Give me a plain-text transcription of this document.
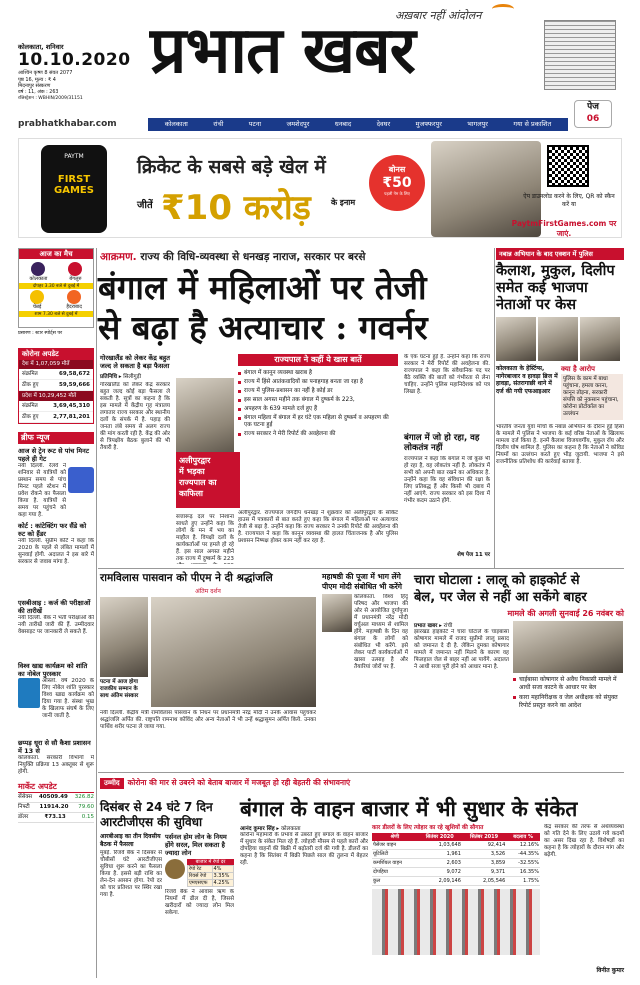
कोलकाता, शनिवार
10.10.2020
आश्विन कृष्ण 8 संवत 2077
पृष्ठ 16, मूल्य : ₹ 4
मिदनापुर संस्करण
वर्ष : 11, अंक : 263
रजिस्ट्रेशन : WBHIN/2009/31151
अख़बार नहीं आंदोलन
प्रभात खबर
पेज
06
prabhatkhabar.com	कोलकाता	रांची	पटना	जमशेदपुर	धनबाद	देवघर	मुजफ्फरपुर	भागलपुर	गया से प्रकाशित
PAYTM
FIRST
GAMES
क्रिकेट के सबसे बड़े खेल में
जीतें ₹10 करोड़	के इनाम
बोनस
₹50
पहली गेम के लिए	ऐप डाउनलोड करने के लिए, QR को स्कैन करें या
PaytmFirstGames.com पर जाएं.
आज का मैच
कोलकाता	बेंगलुरु
दोपहर 3.30 बजे से दुबई में
चेन्नई	हैदराबाद
शाम 7.30 बजे से दुबई में
प्रसारण : स्टार स्पोर्ट्स पर
कोरोना अपडेट
देश में 1,07,059 मौतें
संक्रमित	69,58,672
ठीक हुए	59,59,666
प्रदेश में 10,29,452 मौतें
संक्रमित	3,69,45,310
ठीक हुए	2,77,81,201
ब्रीफ न्यूज
आज से ट्रेन रूट से पांच मिनट पहले ही गेट
नयी दिल्ली. रेलवे ने शनिवार से यात्रियों को प्रस्थान समय से पांच मिनट पहले स्टेशन में प्रवेश रोकने का फैसला किया है. यात्रियों से समय पर पहुंचने को कहा गया है.
कोर्ट : कांटेक्टिंग फर सैंडे को रुट को हैंडर
नयी दिल्ली. सुप्रीम कोर्ट ने कहा कि 2020 के पहले से लंबित मामलों में सुनवाई होगी. अदालत ने इस बारे में सरकार से जवाब मांगा है.
एसबीआइ : कर्ज की परीक्षाओं की तारीखें
नयी दिल्ली. बैंक ने भर्ती परीक्षाओं की नयी तारीखें जारी की हैं. उम्मीदवार वेबसाइट पर जानकारी ले सकते हैं.
विश्व खाद्य कार्यक्रम को शांति का नोबेल पुरस्कार
ओस्लो. वर्ष 2020 के लिए नोबेल शांति पुरस्कार विश्व खाद्य कार्यक्रम को दिया गया है. संस्था भूख के खिलाफ संघर्ष के लिए जानी जाती है.
छप्पड़ धूरा से सौ कैशा प्रशासन में 13 से
कोलकाता. सरकारी विभागों में नियुक्ति प्रक्रिया 13 अक्तूबर से शुरू होगी.
मार्केट अपडेट
सेंसेक्स 40509.49 326.82
निफ्टी 11914.20 79.60
डॉलर	₹73.13	0.15
आक्रमण. राज्य की विधि-व्यवस्था से धनखड़ नाराज, सरकार पर बरसे
बंगाल में महिलाओं पर तेजी
से बढ़ा है अत्याचार : गवर्नर
गोरखालैंड को लेकर केंद्र बहुत जल्द ले सकता है बड़ा फैसला
प्रतिनिधि ▸ सिलीगुड़ी
गोरखालैंड को लेकर केंद्र सरकार बहुत जल्द कोई बड़ा फैसला ले सकती है. सूत्रों का कहना है कि इस मामले में केंद्रीय गृह मंत्रालय लगातार राज्य सरकार और स्थानीय दलों के संपर्क में है. पहाड़ की जनता लंबे समय से अलग राज्य की मांग करती रही है. केंद्र की ओर से त्रिपक्षीय बैठक बुलाने की भी तैयारी है.
अलीपुरद्वार
में भड़का
राज्यपाल का
काफिला
राज्यपाल ने कहीं ये खास बातें
बंगाल में कानून व्यवस्था खराब है
राज्य में हिंसे आतंकवादियों का पनाहगाह बनता जा रहा है
राज्य में पुलिस-प्रशासन का नहीं है कोई डर
इस साल अगस्त महीने तक बंगाल में दुष्कर्म के 223,
अपहरण के 639 मामले दर्ज हुए हैं
बंगाल महिला में बंगाल में हर घंटे एक महिला से दुष्कर्म व अपहरण की एक घटना हुई
राज्य सरकार ने मेरी रिपोर्ट की अवहेलना की
अलीपुरद्वार. राज्यपाल जगदीप धनखड़ ने शुक्रवार को अलीपुरद्वार के सर्किट हाउस में पत्रकारों से बात करते हुए कहा कि बंगाल में महिलाओं पर अत्याचार तेजी से बढ़ा है. उन्होंने कहा कि राज्य सरकार ने उनकी रिपोर्ट की अवहेलना की है. राज्यपाल ने कहा कि कानून व्यवस्था की हालत चिंताजनक है और पुलिस प्रशासन निष्पक्ष होकर काम नहीं कर रहा है.
सत्तारूढ़ दल पर निशाना साधते हुए उन्होंने कहा कि लोगों के मन में भय का माहौल है. विपक्षी दलों के कार्यकर्ताओं पर हमले हो रहे हैं. इस साल अगस्त महीने तक राज्य में दुष्कर्म के 223
के एक घटना हुई है. उन्होंने कहा कि राज्य सरकार ने मेरी रिपोर्ट की अवहेलना की. राज्यपाल ने कहा कि संवैधानिक पद पर बैठे व्यक्ति की बातों को गंभीरता से लेना चाहिए. उन्होंने पुलिस महानिदेशक को पत्र लिखा है.
बंगाल में जो हो रहा, वह लोकतंत्र नहीं
राज्यपाल ने कहा कि बंगाल में जो कुछ भी हो रहा है, वह लोकतंत्र नहीं है. लोकतंत्र में सभी को अपनी बात रखने का अधिकार है. उन्होंने कहा कि वह संविधान की रक्षा के लिए प्रतिबद्ध हैं और किसी भी दबाव में नहीं आएंगे. राज्य सरकार को इस दिशा में गंभीर कदम उठाने होंगे.
शेष पेज 11 पर
नबान्न अभियान के बाद एक्शन में पुलिस
कैलाश, मुकुल, दिलीप समेत कई भाजपा नेताओं पर केस
कोलकाता के हेस्टिंग्स, नागेरबाजार व हावड़ा ब्रिज में हावड़ा, संतरागाछी थाने में दर्ज की गयी एफआइआर
क्या है आरोप
पुलिस के काम में बाधा पहुंचाना, हमला करना, कानून तोड़ना, सरकारी संपत्ति को नुकसान पहुंचाना, कोरोना प्रोटोकॉल का उल्लंघन
भारतीय जनता युवा मोर्चा के नबान्न अभियान के दौरान हुई हिंसा के मामले में पुलिस ने भाजपा के कई वरिष्ठ नेताओं के खिलाफ मामला दर्ज किया है. इनमें कैलाश विजयवर्गीय, मुकुल रॉय और दिलीप घोष शामिल हैं. पुलिस का कहना है कि नेताओं ने कोविड नियमों का उल्लंघन करते हुए भीड़ जुटायी. भाजपा ने इसे राजनीतिक प्रतिशोध की कार्रवाई बताया है.
रामविलास पासवान को पीएम ने दी श्रद्धांजलि
अंतिम दर्शन
पटना में आज होगा राजकीय सम्मान के साथ अंतिम संस्कार
नयी दिल्ली. केंद्रीय मंत्री रामविलास पासवान के निधन पर प्रधानमंत्री नरेंद्र मोदी ने उनके आवास पहुंचकर श्रद्धांजलि अर्पित की. राष्ट्रपति रामनाथ कोविंद और अन्य नेताओं ने भी उन्हें श्रद्धासुमन अर्पित किये. उनका पार्थिव शरीर पटना ले जाया गया.
महाषष्ठी की पूजा में भाग लेंगे पीएम मोदी संबोधित भी करेंगे
कोलकाता. विश्व हिंदू परिषद और भाजपा की ओर से आयोजित दुर्गापूजा में प्रधानमंत्री नरेंद्र मोदी वर्चुअल माध्यम से शामिल होंगे. महाषष्ठी के दिन वह बंगाल के लोगों को संबोधित भी करेंगे. इसे लेकर पार्टी कार्यकर्ताओं में खासा उत्साह है और तैयारियां जोरों पर हैं.
चारा घोटाला : लालू को हाइकोर्ट से
बेल, पर जेल से नहीं आ सकेंगे बाहर
मामले की अगली सुनवाई 26 नवंबर को
प्रभात खबर ▸ रांची
झारखंड हाइकोर्ट ने चारा घोटाले के चाइबासा कोषागार मामले में राजद सुप्रीमो लालू प्रसाद को जमानत दे दी है. लेकिन दुमका कोषागार मामले में जमानत नहीं मिलने के कारण वह फिलहाल जेल से बाहर नहीं आ पायेंगे. अदालत ने आधी सजा पूरी होने को आधार माना है.
चाईबासा कोषागार से अवैध निकासी मामले में आधी सजा काटने के आधार पर बेल
कारा महानिरीक्षक व जेल अधीक्षक को संयुक्त रिपोर्ट प्रस्तुत करने का आदेश
उम्मीद	कोरोना की मार से उबरने को बेताब बाजार में मजबूत हो रही बेहतरी की संभावनाएं
दिसंबर से 24 घंटे 7 दिन
आरटीजीएस की सुविधा
आरबीआइ का तीन दिवसीय बैठक में फैसला
मुंबई. रिजर्व बैंक ने दिसंबर से चौबीसों घंटे आरटीजीएस सुविधा शुरू करने का फैसला किया है. इससे बड़ी राशि का लेन-देन आसान होगा. रेपो दर को चार प्रतिशत पर स्थिर रखा गया है.
पर्सनल होम लोन के नियम होंगे सरल, मिल सकता है ज्यादा लोन
बाजार में रेपो दर
रेपो रेट	4%
रिवर्स रेपो	3.35%
एमएसएफ	4.25%
रिजर्व बैंक ने आवास ऋण के नियमों में ढील दी है, जिससे खरीदारों को ज्यादा लोन मिल सकेगा.
बंगाल के वाहन बाजार में भी सुधार के संकेत
आनंद कुमार सिंह ▸ कोलकाता
कोरोना महामारी के प्रभाव से उबरते हुए बंगाल के वाहन बाजार में सुधार के संकेत मिल रहे हैं. त्योहारी मौसम से पहले कारों और दोपहिया वाहनों की बिक्री में बढ़ोतरी दर्ज की गयी है. डीलरों का कहना है कि सितंबर में बिक्री पिछले साल की तुलना में बेहतर रही.
कार डीलरों के लिए त्योहार का रहे खुशियों की सौगात
श्रेणी	सितंबर 2020	सितंबर 2019	बदलाव %
पैसेंजर वाहन	1,03,648	92,414	12.16%
यूटिलिटी	1,961	3,526	-44.35%
कमर्शियल वाहन	2,603	3,859	-32.55%
दोपहिया	9,072	9,371	16.35%
कुल	2,09,146	2,05,546	1.75%
केंद्र सरकार की तरफ से अर्थव्यवस्था को गति देने के लिए उठाये गये कदमों का असर दिख रहा है. विशेषज्ञों का कहना है कि त्योहारों के दौरान मांग और बढ़ेगी.
विनीत कुमार
